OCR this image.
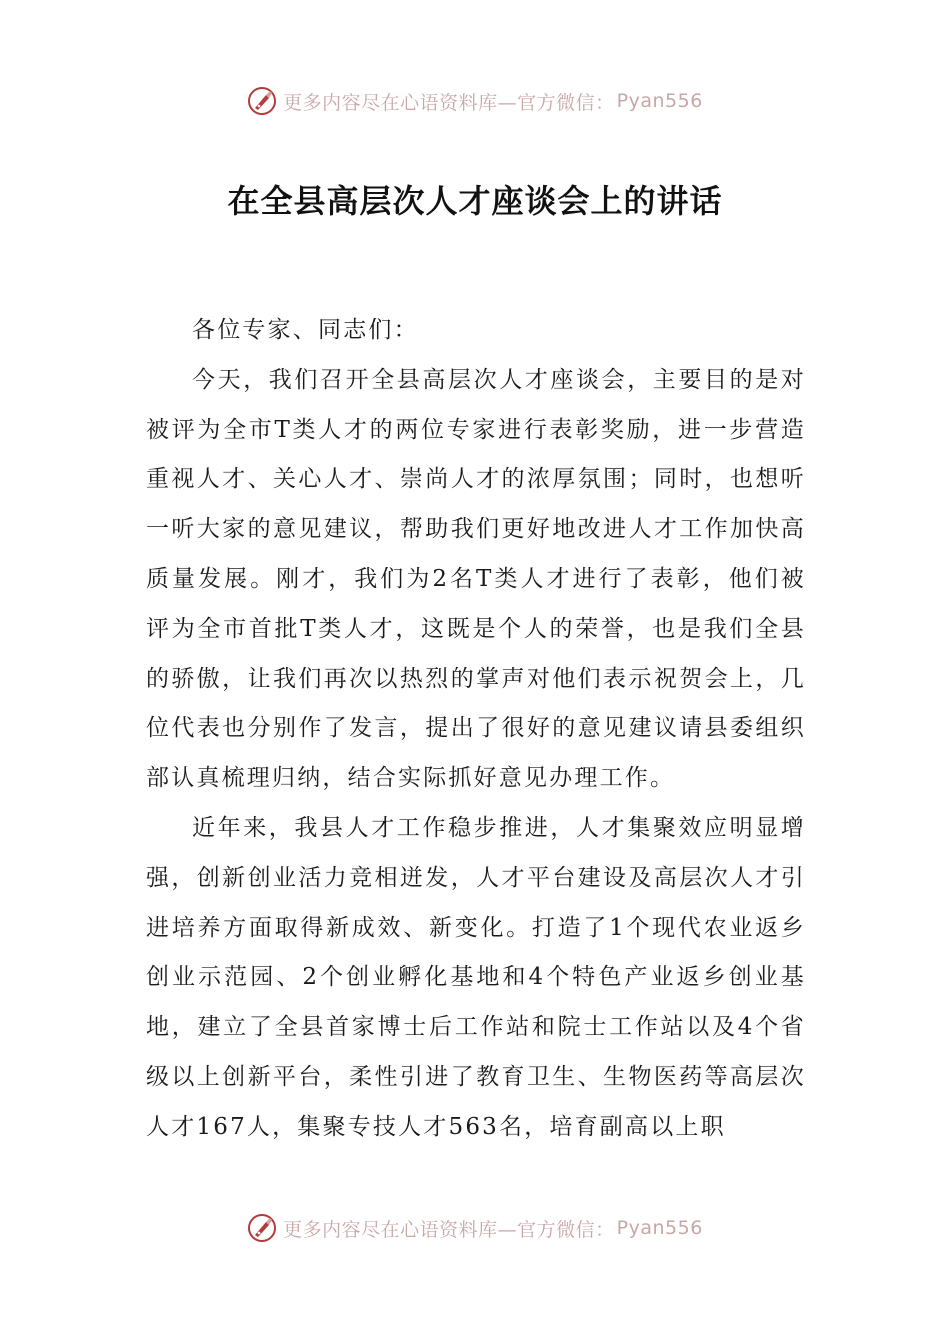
更多内容尽在心语资料库—官方微信： Pyan556
在全县高层次人才座谈会上的讲话

各位专家、同志们：

今天，我们召开全县高层次人才座谈会，主要目的是对被评为全市T类人才的两位专家进行表彰奖励，进一步营造重视人才、关心人才、崇尚人才的浓厚氛围；同时，也想听一听大家的意见建议，帮助我们更好地改进人才工作加快高质量发展。刚才，我们为2名T类人才进行了表彰，他们被评为全市首批T类人才，这既是个人的荣誉，也是我们全县的骄傲，让我们再次以热烈的掌声对他们表示祝贺会上，几位代表也分别作了发言，提出了很好的意见建议请县委组织部认真梳理归纳，结合实际抓好意见办理工作。

近年来，我县人才工作稳步推进，人才集聚效应明显增强，创新创业活力竞相迸发，人才平台建设及高层次人才引进培养方面取得新成效、新变化。打造了1个现代农业返乡创业示范园、2个创业孵化基地和4个特色产业返乡创业基地，建立了全县首家博士后工作站和院士工作站以及4个省级以上创新平台，柔性引进了教育卫生、生物医药等高层次人才167人，集聚专技人才563名，培育副高以上职

更多内容尽在心语资料库—官方微信： Pyan556
